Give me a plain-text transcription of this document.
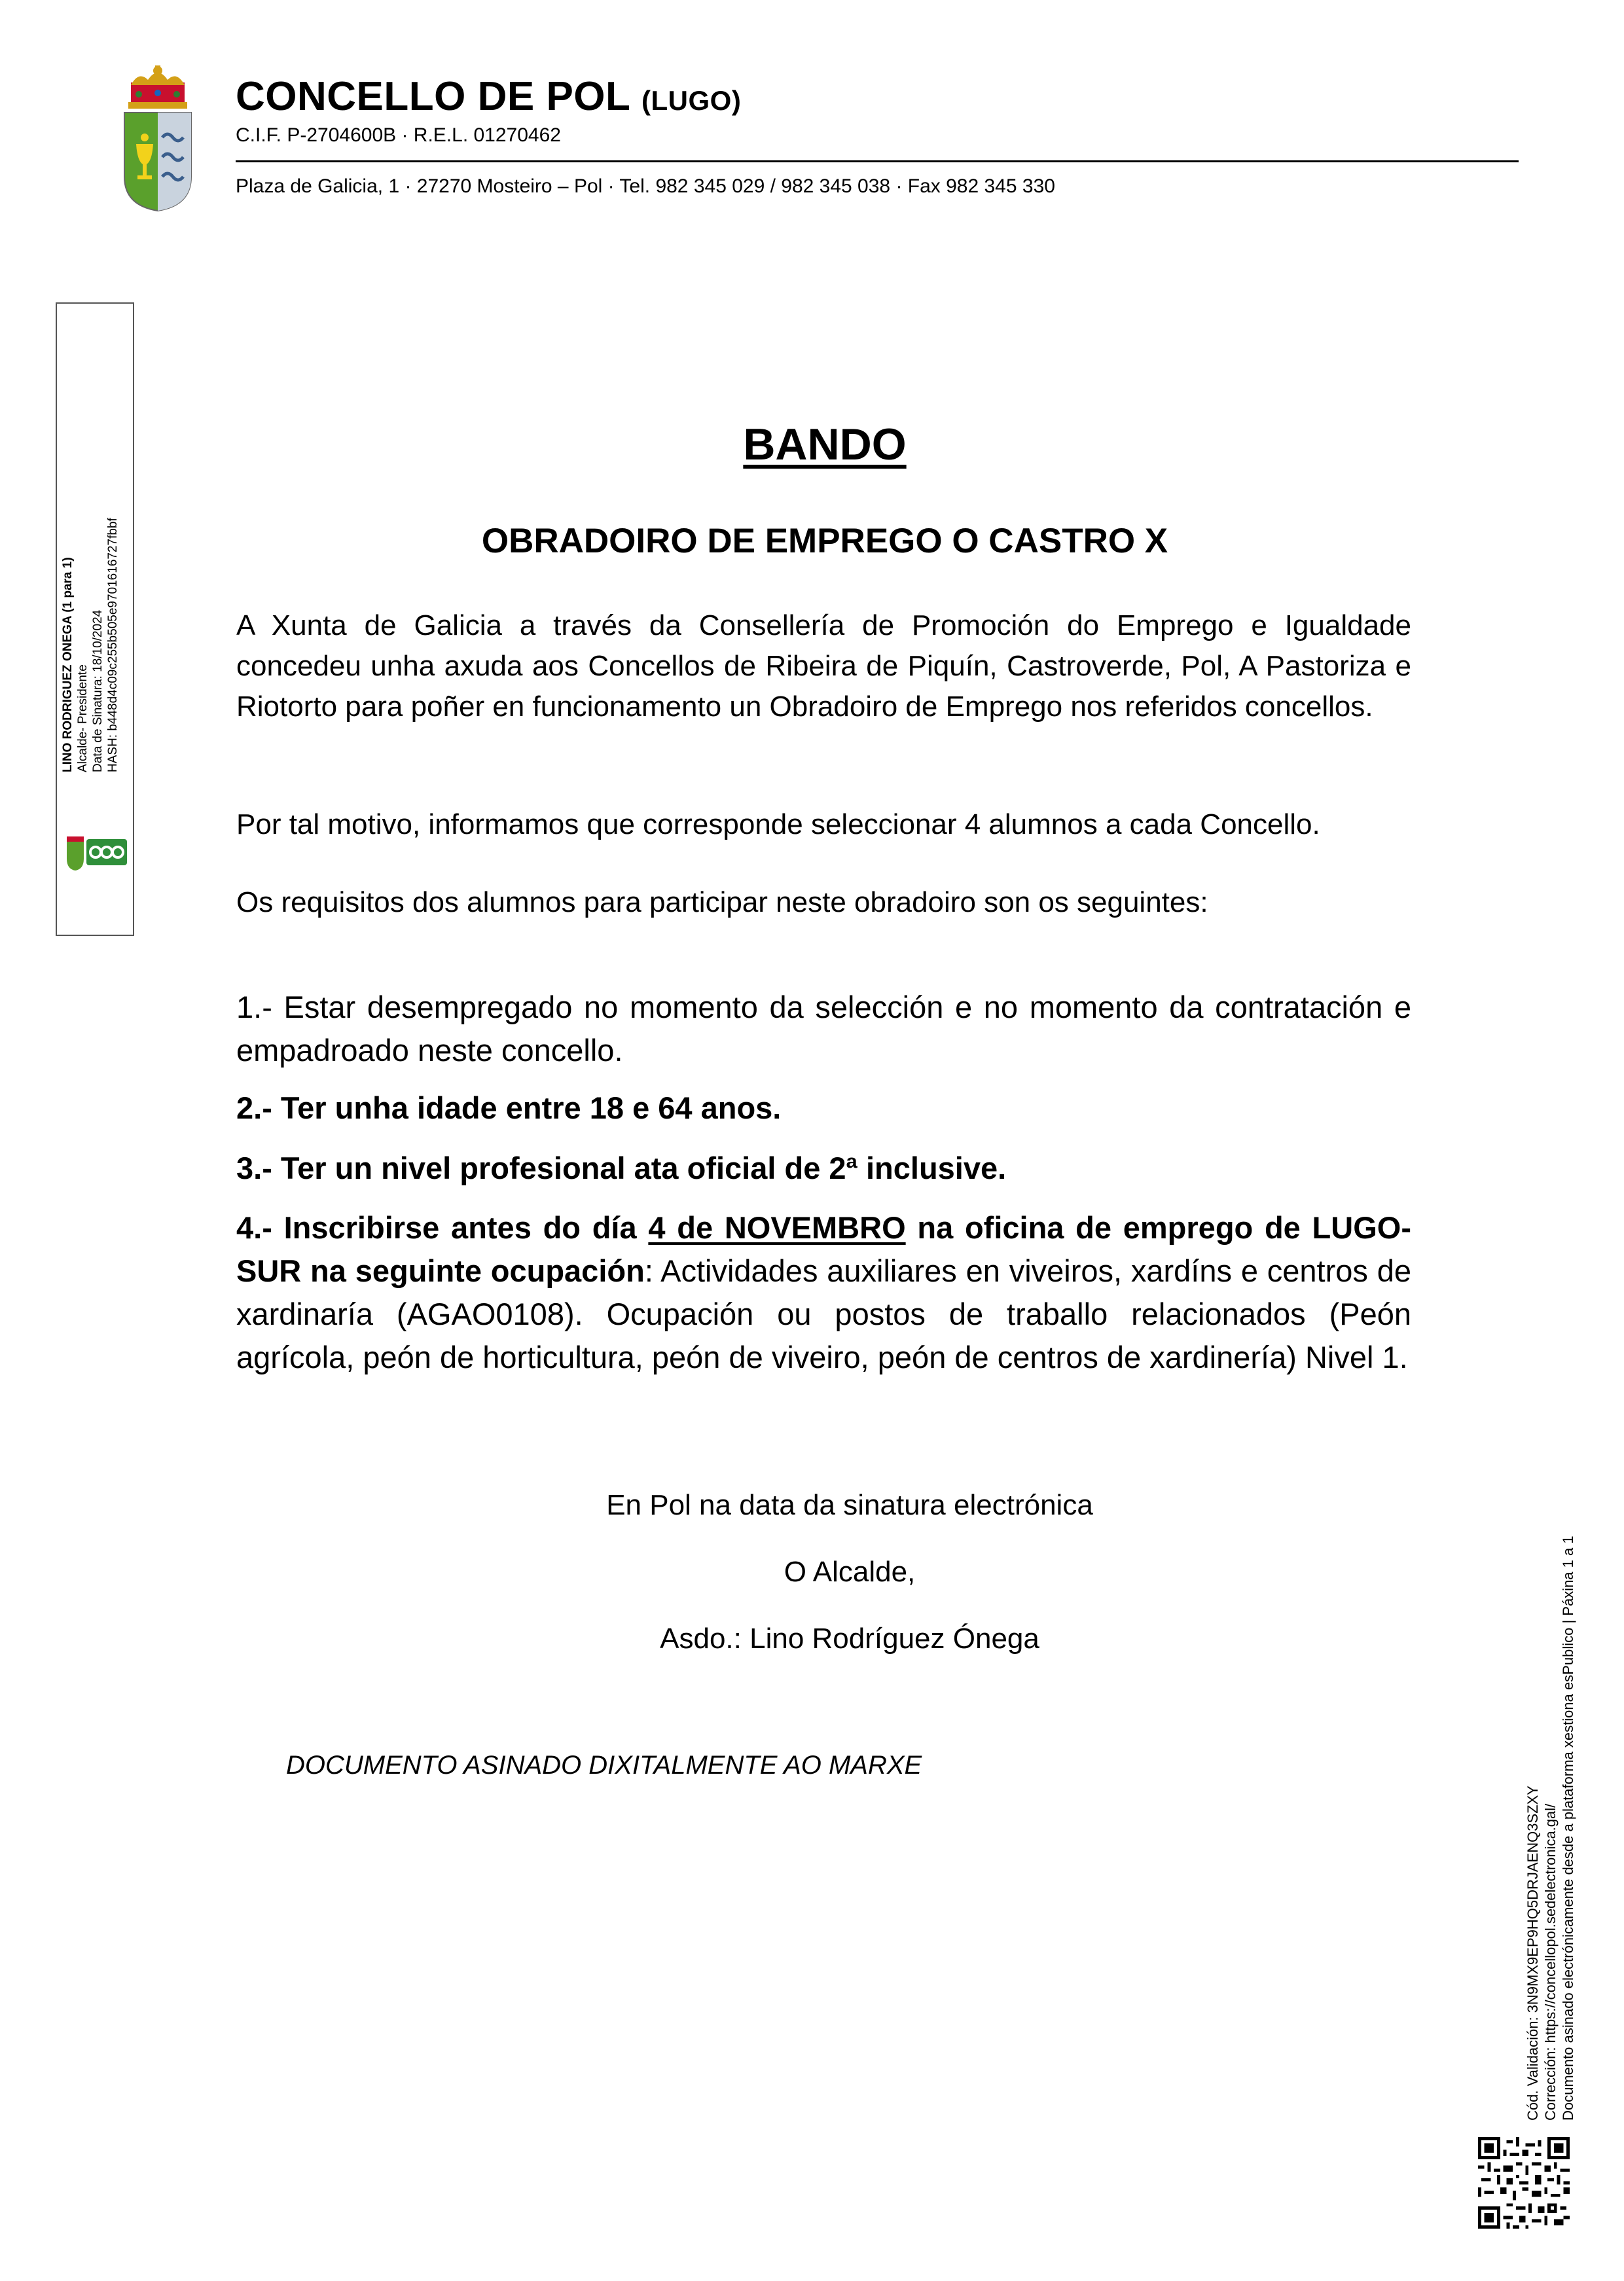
CONCELLO DE POL (LUGO)
C.I.F. P-2704600B · R.E.L. 01270462
Plaza de Galicia, 1 · 27270 Mosteiro – Pol · Tel. 982 345 029 / 982 345 038 · Fax 982 345 330
LINO RODRIGUEZ ONEGA (1 para 1) Alcalde- Presidente Data de Sinatura: 18/10/2024 HASH: b448d4c09c255b505e9701616727fbbf
BANDO
OBRADOIRO DE EMPREGO O CASTRO X
A Xunta de Galicia a través da Consellería de Promoción do Emprego e Igualdade concedeu unha axuda aos Concellos de Ribeira de Piquín, Castroverde, Pol, A Pastoriza e Riotorto para poñer en funcionamento un Obradoiro de Emprego nos referidos concellos.
Por tal motivo, informamos que corresponde seleccionar 4 alumnos a cada Concello.
Os requisitos dos alumnos para participar neste obradoiro son os seguintes:
1.- Estar desempregado no momento da selección e no momento da contratación e empadroado neste concello.
2.- Ter unha idade entre 18 e 64 anos.
3.- Ter un nivel profesional ata oficial de 2ª inclusive.
4.- Inscribirse antes do día 4 de NOVEMBRO na oficina de emprego de LUGO-SUR na seguinte ocupación: Actividades auxiliares en viveiros, xardíns e centros de xardinaría (AGAO0108). Ocupación ou postos de traballo relacionados (Peón agrícola, peón de horticultura, peón de viveiro, peón de centros de xardinería) Nivel 1.
En Pol na data da sinatura electrónica
O Alcalde,
Asdo.: Lino Rodríguez Ónega
DOCUMENTO ASINADO DIXITALMENTE AO MARXE
Cód. Validación: 3N9MX9EP9HQ5DRJAENQ3SZXY Corrección: https://concellopol.sedelectronica.gal/ Documento asinado electrónicamente desde a plataforma xestiona esPublico | Páxina 1 a 1
